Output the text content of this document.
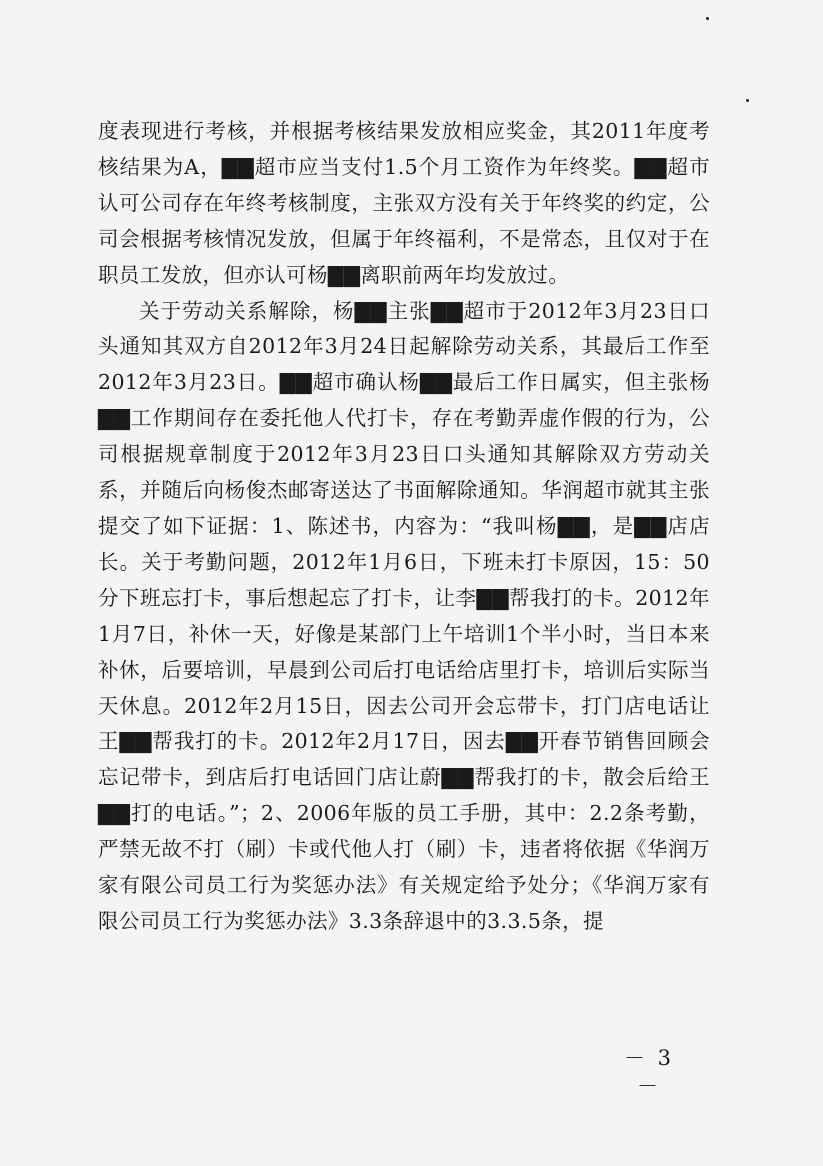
度表现进行考核，并根据考核结果发放相应奖金，其2011年度考核结果为A，▇▇超市应当支付1.5个月工资作为年终奖。▇▇超市认可公司存在年终考核制度，主张双方没有关于年终奖的约定，公司会根据考核情况发放，但属于年终福利，不是常态，且仅对于在职员工发放，但亦认可杨▇▇离职前两年均发放过。

关于劳动关系解除，杨▇▇主张▇▇超市于2012年3月23日口头通知其双方自2012年3月24日起解除劳动关系，其最后工作至2012年3月23日。▇▇超市确认杨▇▇最后工作日属实，但主张杨▇▇工作期间存在委托他人代打卡，存在考勤弄虚作假的行为，公司根据规章制度于2012年3月23日口头通知其解除双方劳动关系，并随后向杨俊杰邮寄送达了书面解除通知。华润超市就其主张提交了如下证据：1、陈述书，内容为：“我叫杨▇▇，是▇▇店店长。关于考勤问题，2012年1月6日，下班未打卡原因，15：50分下班忘打卡，事后想起忘了打卡，让李▇▇帮我打的卡。2012年1月7日，补休一天，好像是某部门上午培训1个半小时，当日本来补休，后要培训，早晨到公司后打电话给店里打卡，培训后实际当天休息。2012年2月15日，因去公司开会忘带卡，打门店电话让王▇▇帮我打的卡。2012年2月17日，因去▇▇开春节销售回顾会忘记带卡，到店后打电话回门店让蔚▇▇帮我打的卡，散会后给王▇▇打的电话。”；2、2006年版的员工手册，其中：2.2条考勤，严禁无故不打（刷）卡或代他人打（刷）卡，违者将依据《华润万家有限公司员工行为奖惩办法》有关规定给予处分；《华润万家有限公司员工行为奖惩办法》3.3条辞退中的3.3.5条，提

－ 3 －
